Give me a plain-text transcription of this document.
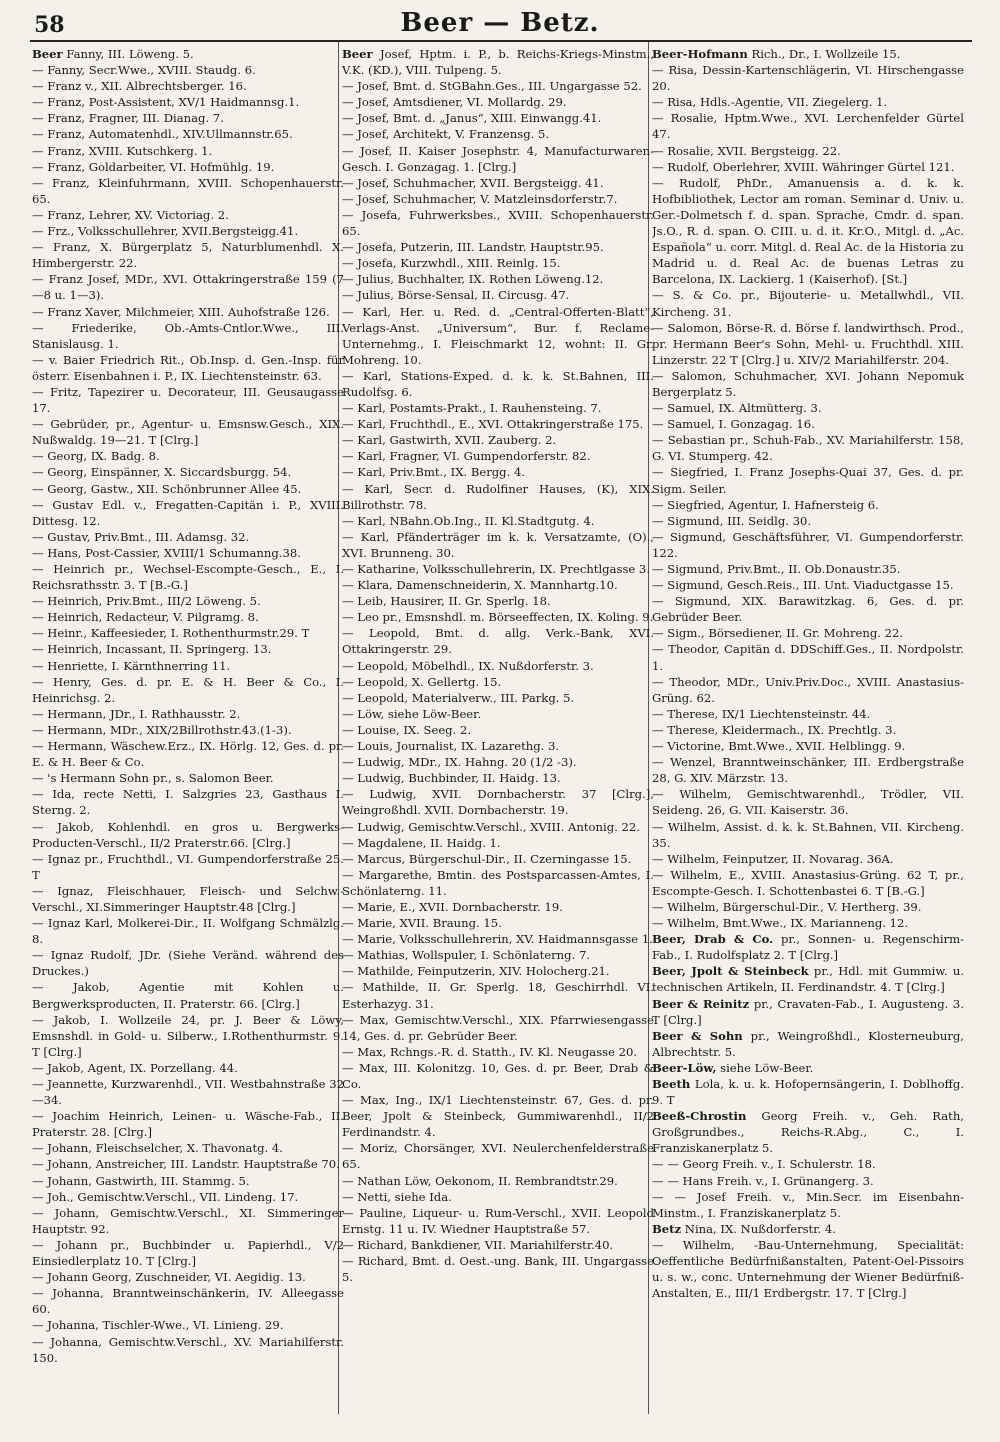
58	Beer — Betz.

Beer Fanny, III. Löweng. 5.

— Fanny, Secr.Wwe., XVIII. Staudg. 6.

— Franz v., XII. Albrechtsberger. 16.

— Franz, Post-Assistent, XV/1 Haidmannsg.1.

— Franz, Fragner, III. Dianag. 7.

— Franz, Automatenhdl., XIV.Ullmannstr.65.

— Franz, XVIII. Kutschkerg. 1.

— Franz, Goldarbeiter, VI. Hofmühlg. 19.

— Franz, Kleinfuhrmann, XVIII. Schopenhauerstr. 65.

— Franz, Lehrer, XV. Victoriag. 2.

— Frz., Volksschullehrer, XVII.Bergsteigg.41.

— Franz, X. Bürgerplatz 5, Naturblumenhdl. X. Himbergerstr. 22.

— Franz Josef, MDr., XVI. Ottakringerstraße 159 (7—8 u. 1—3).

— Franz Xaver, Milchmeier, XIII. Auhofstraße 126.

— Friederike, Ob.-Amts-Cntlor.Wwe., III. Stanislausg. 1.

— v. Baier Friedrich Rit., Ob.Insp. d. Gen.-Insp. für österr. Eisenbahnen i. P., IX. Liechtensteinstr. 63.

— Fritz, Tapezirer u. Decorateur, III. Geusaugasse 17.

— Gebrüder, pr., Agentur- u. Emsnsw.Gesch., XIX. Nußwaldg. 19—21. T [Clrg.]

— Georg, IX. Badg. 8.

— Georg, Einspänner, X. Siccardsburgg. 54.

— Georg, Gastw., XII. Schönbrunner Allee 45.

— Gustav Edl. v., Fregatten-Capitän i. P., XVIII. Dittesg. 12.

— Gustav, Priv.Bmt., III. Adamsg. 32.

— Hans, Post-Cassier, XVIII/1 Schumanng.38.

— Heinrich pr., Wechsel-Escompte-Gesch., E., I. Reichsrathsstr. 3. T [B.-G.]

— Heinrich, Priv.Bmt., III/2 Löweng. 5.

— Heinrich, Redacteur, V. Pilgramg. 8.

— Heinr., Kaffeesieder, I. Rothenthurmstr.29. T

— Heinrich, Incassant, II. Springerg. 13.

— Henriette, I. Kärnthnerring 11.

— Henry, Ges. d. pr. E. & H. Beer & Co., I. Heinrichsg. 2.

— Hermann, JDr., I. Rathhausstr. 2.

— Hermann, MDr., XIX/2Billrothstr.43.(1-3).

— Hermann, Wäschew.Erz., IX. Hörlg. 12, Ges. d. pr. E. & H. Beer & Co.

— 's Hermann Sohn pr., s. Salomon Beer.

— Ida, recte Netti, I. Salzgries 23, Gasthaus I. Sterng. 2.

— Jakob, Kohlenhdl. en gros u. Bergwerks-Producten-Verschl., II/2 Praterstr.66. [Clrg.]

— Ignaz pr., Fruchthdl., VI. Gumpendorferstraße 25. T

— Ignaz, Fleischhauer, Fleisch- und Selchw.-Verschl., XI.Simmeringer Hauptstr.48 [Clrg.]

— Ignaz Karl, Molkerei-Dir., II. Wolfgang Schmälzlg. 8.

— Ignaz Rudolf, JDr. (Siehe Veränd. während des Druckes.)

— Jakob, Agentie mit Kohlen u. Bergwerksproducten, II. Praterstr. 66. [Clrg.]

— Jakob, I. Wollzeile 24, pr. J. Beer & Löwy, Emsnshdl. in Gold- u. Silberw., I.Rothenthurmstr. 9. T [Clrg.]

— Jakob, Agent, IX. Porzellang. 44.

— Jeannette, Kurzwarenhdl., VII. Westbahnstraße 32—34.

— Joachim Heinrich, Leinen- u. Wäsche-Fab., II. Praterstr. 28. [Clrg.]

— Johann, Fleischselcher, X. Thavonatg. 4.

— Johann, Anstreicher, III. Landstr. Hauptstraße 70.

— Johann, Gastwirth, III. Stammg. 5.

— Joh., Gemischtw.Verschl., VII. Lindeng. 17.

— Johann, Gemischtw.Verschl., XI. Simmeringer Hauptstr. 92.

— Johann pr., Buchbinder u. Papierhdl., V/2 Einsiedlerplatz 10. T [Clrg.]

— Johann Georg, Zuschneider, VI. Aegidig. 13.

— Johanna, Branntweinschänkerin, IV. Alleegasse 60.

— Johanna, Tischler-Wwe., VI. Linieng. 29.

— Johanna, Gemischtw.Verschl., XV. Mariahilferstr. 150.

Beer Josef, Hptm. i. P., b. Reichs-Kriegs-Minstm., V.K. (KD.), VIII. Tulpeng. 5.

— Josef, Bmt. d. StGBahn.Ges., III. Ungargasse 52.

— Josef, Amtsdiener, VI. Mollardg. 29.

— Josef, Bmt. d. „Janus“, XIII. Einwangg.41.

— Josef, Architekt, V. Franzensg. 5.

— Josef, II. Kaiser Josephstr. 4, Manufacturwaren-Gesch. I. Gonzagag. 1. [Clrg.]

— Josef, Schuhmacher, XVII. Bergsteigg. 41.

— Josef, Schuhmacher, V. Matzleinsdorferstr.7.

— Josefa, Fuhrwerksbes., XVIII. Schopenhauerstr. 65.

— Josefa, Putzerin, III. Landstr. Hauptstr.95.

— Josefa, Kurzwhdl., XIII. Reinlg. 15.

— Julius, Buchhalter, IX. Rothen Löweng.12.

— Julius, Börse-Sensal, II. Circusg. 47.

— Karl, Her. u. Red. d. „Central-Offerten-Blatt“, Verlags-Anst. „Universum“, Bur. f. Reclame-Unternehmg., I. Fleischmarkt 12, wohnt: II. Gr. Mohreng. 10.

— Karl, Stations-Exped. d. k. k. St.Bahnen, III. Rudolfsg. 6.

— Karl, Postamts-Prakt., I. Rauhensteing. 7.

— Karl, Fruchthdl., E., XVI. Ottakringerstraße 175.

— Karl, Gastwirth, XVII. Zauberg. 2.

— Karl, Fragner, VI. Gumpendorferstr. 82.

— Karl, Priv.Bmt., IX. Bergg. 4.

— Karl, Secr. d. Rudolfiner Hauses, (K), XIX. Billrothstr. 78.

— Karl, NBahn.Ob.Ing., II. Kl.Stadtgutg. 4.

— Karl, Pfänderträger im k. k. Versatzamte, (O)., XVI. Brunneng. 30.

— Katharine, Volksschullehrerin, IX. Prechtlgasse 3.

— Klara, Damenschneiderin, X. Mannhartg.10.

— Leib, Hausirer, II. Gr. Sperlg. 18.

— Leo pr., Emsnshdl. m. Börseeffecten, IX. Koling. 9.

— Leopold, Bmt. d. allg. Verk.-Bank, XVI. Ottakringerstr. 29.

— Leopold, Möbelhdl., IX. Nußdorferstr. 3.

— Leopold, X. Gellertg. 15.

— Leopold, Materialverw., III. Parkg. 5.

— Löw, siehe Löw-Beer.

— Louise, IX. Seeg. 2.

— Louis, Journalist, IX. Lazarethg. 3.

— Ludwig, MDr., IX. Hahng. 20 (1/2 -3).

— Ludwig, Buchbinder, II. Haidg. 13.

— Ludwig, XVII. Dornbacherstr. 37 [Clrg.], Weingroßhdl. XVII. Dornbacherstr. 19.

— Ludwig, Gemischtw.Verschl., XVIII. Antonig. 22.

— Magdalene, II. Haidg. 1.

— Marcus, Bürgerschul-Dir., II. Czerningasse 15.

— Margarethe, Bmtin. des Postsparcassen-Amtes, I. Schönlaterng. 11.

— Marie, E., XVII. Dornbacherstr. 19.

— Marie, XVII. Braung. 15.

— Marie, Volksschullehrerin, XV. Haidmannsgasse 1.

— Mathias, Wollspuler, I. Schönlaterng. 7.

— Mathilde, Feinputzerin, XIV. Holocherg.21.

— Mathilde, II. Gr. Sperlg. 18, Geschirrhdl. VI. Esterhazyg. 31.

— Max, Gemischtw.Verschl., XIX. Pfarrwiesengasse 14, Ges. d. pr. Gebrüder Beer.

— Max, Rchngs.-R. d. Statth., IV. Kl. Neugasse 20.

— Max, III. Kolonitzg. 10, Ges. d. pr. Beer, Drab & Co.

— Max, Ing., IX/1 Liechtensteinstr. 67, Ges. d. pr. Beer, Jpolt & Steinbeck, Gummiwarenhdl., II/2 Ferdinandstr. 4.

— Moriz, Chorsänger, XVI. Neulerchenfelderstraße 65.

— Nathan Löw, Oekonom, II. Rembrandtstr.29.

— Netti, siehe Ida.

— Pauline, Liqueur- u. Rum-Verschl., XVII. Leopold Ernstg. 11 u. IV. Wiedner Hauptstraße 57.

— Richard, Bankdiener, VII. Mariahilferstr.40.

— Richard, Bmt. d. Oest.-ung. Bank, III. Ungargasse 5.

Beer-Hofmann Rich., Dr., I. Wollzeile 15.

— Risa, Dessin-Kartenschlägerin, VI. Hirschengasse 20.

— Risa, Hdls.-Agentie, VII. Ziegelerg. 1.

— Rosalie, Hptm.Wwe., XVI. Lerchenfelder Gürtel 47.

— Rosalie, XVII. Bergsteigg. 22.

— Rudolf, Oberlehrer, XVIII. Währinger Gürtel 121.

— Rudolf, PhDr., Amanuensis a. d. k. k. Hofbibliothek, Lector am roman. Seminar d. Univ. u. Ger.-Dolmetsch f. d. span. Sprache, Cmdr. d. span. Js.O., R. d. span. O. CIII. u. d. it. Kr.O., Mitgl. d. „Ac. Española“ u. corr. Mitgl. d. Real Ac. de la Historia zu Madrid u. d. Real Ac. de buenas Letras zu Barcelona, IX. Lackierg. 1 (Kaiserhof). [St.]

— S. & Co. pr., Bijouterie- u. Metallwhdl., VII. Kircheng. 31.

— Salomon, Börse-R. d. Börse f. landwirthsch. Prod., pr. Hermann Beer's Sohn, Mehl- u. Fruchthdl. XIII. Linzerstr. 22 T [Clrg.] u. XIV/2 Mariahilferstr. 204.

— Salomon, Schuhmacher, XVI. Johann Nepomuk Bergerplatz 5.

— Samuel, IX. Altmütterg. 3.

— Samuel, I. Gonzagag. 16.

— Sebastian pr., Schuh-Fab., XV. Mariahilferstr. 158, G. VI. Stumperg. 42.

— Siegfried, I. Franz Josephs-Quai 37, Ges. d. pr. Sigm. Seiler.

— Siegfried, Agentur, I. Hafnersteig 6.

— Sigmund, III. Seidlg. 30.

— Sigmund, Geschäftsführer, VI. Gumpendorferstr. 122.

— Sigmund, Priv.Bmt., II. Ob.Donaustr.35.

— Sigmund, Gesch.Reis., III. Unt. Viaductgasse 15.

— Sigmund, XIX. Barawitzkag. 6, Ges. d. pr. Gebrüder Beer.

— Sigm., Börsediener, II. Gr. Mohreng. 22.

— Theodor, Capitän d. DDSchiff.Ges., II. Nordpolstr. 1.

— Theodor, MDr., Univ.Priv.Doc., XVIII. Anastasius-Grüng. 62.

— Therese, IX/1 Liechtensteinstr. 44.

— Therese, Kleidermach., IX. Prechtlg. 3.

— Victorine, Bmt.Wwe., XVII. Helblingg. 9.

— Wenzel, Branntweinschänker, III. Erdbergstraße 28, G. XIV. Märzstr. 13.

— Wilhelm, Gemischtwarenhdl., Trödler, VII. Seideng. 26, G. VII. Kaiserstr. 36.

— Wilhelm, Assist. d. k. k. St.Bahnen, VII. Kircheng. 35.

— Wilhelm, Feinputzer, II. Novarag. 36A.

— Wilhelm, E., XVIII. Anastasius-Grüng. 62 T, pr., Escompte-Gesch. I. Schottenbastei 6. T [B.-G.]

— Wilhelm, Bürgerschul-Dir., V. Hertherg. 39.

— Wilhelm, Bmt.Wwe., IX. Marianneng. 12.

Beer, Drab & Co. pr., Sonnen- u. Regenschirm-Fab., I. Rudolfsplatz 2. T [Clrg.]

Beer, Jpolt & Steinbeck pr., Hdl. mit Gummiw. u. technischen Artikeln, II. Ferdinandstr. 4. T [Clrg.]

Beer & Reinitz pr., Cravaten-Fab., I. Augusteng. 3. T [Clrg.]

Beer & Sohn pr., Weingroßhdl., Klosterneuburg, Albrechtstr. 5.

Beer-Löw, siehe Löw-Beer.

Beeth Lola, k. u. k. Hofopernsängerin, I. Doblhoffg. 9. T

Beeß-Chrostin Georg Freih. v., Geh. Rath, Großgrundbes., Reichs-R.Abg., C., I. Franziskanerplatz 5.

— — Georg Freih. v., I. Schulerstr. 18.

— — Hans Freih. v., I. Grünangerg. 3.

— — Josef Freih. v., Min.Secr. im Eisenbahn-Minstm., I. Franziskanerplatz 5.

Betz Nina, IX. Nußdorferstr. 4.

— Wilhelm, -Bau-Unternehmung, Specialität: Oeffentliche Bedürfnißanstalten, Patent-Oel-Pissoirs u. s. w., conc. Unternehmung der Wiener Bedürfniß-Anstalten, E., III/1 Erdbergstr. 17. T [Clrg.]
